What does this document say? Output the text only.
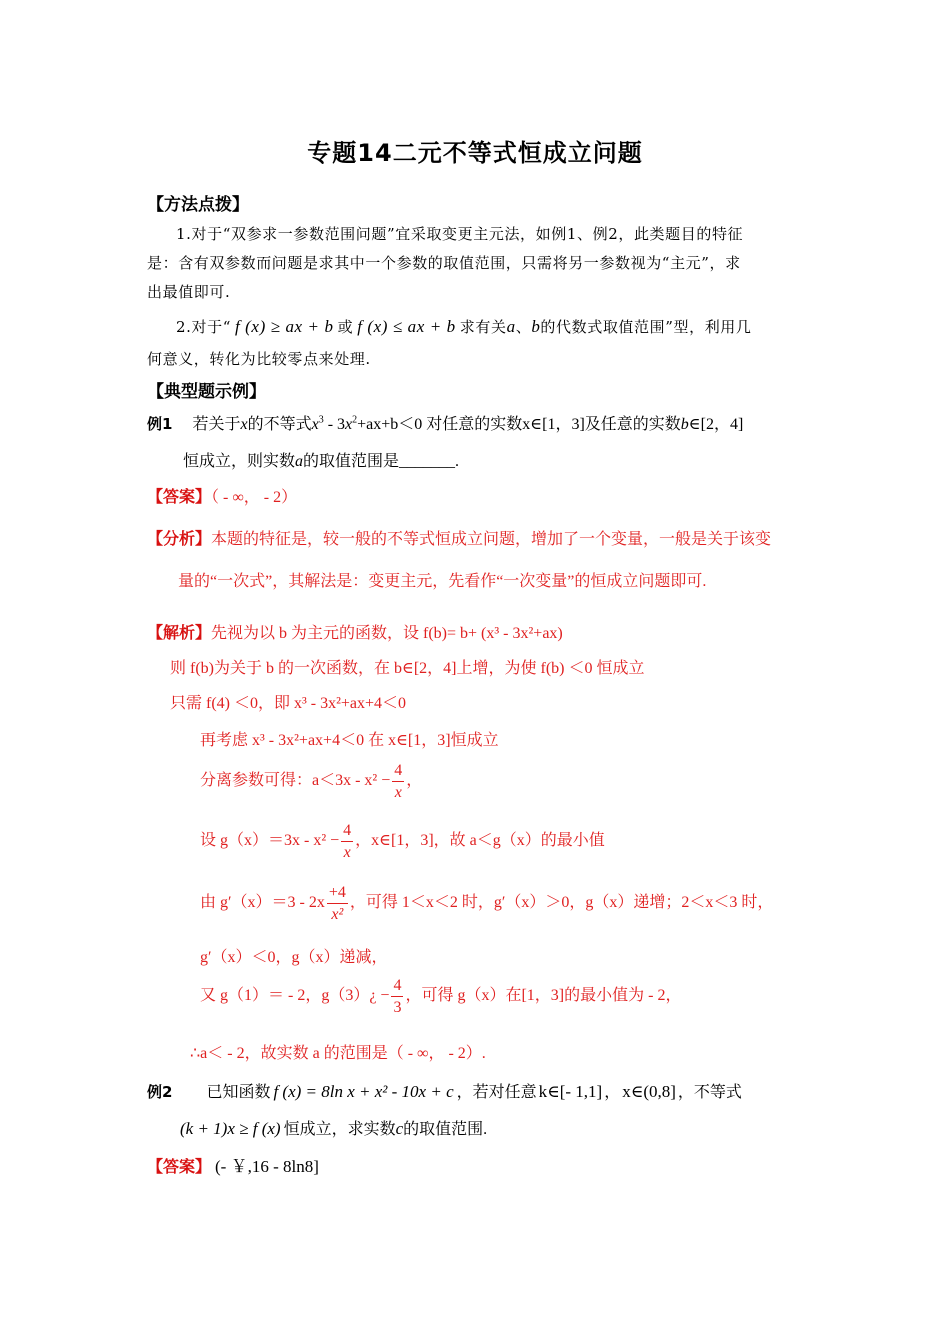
专题14二元不等式恒成立问题
【方法点拨】
1.对于“双参求一参数范围问题”宜采取变更主元法，如例1、例2，此类题目的特征
是：含有双参数而问题是求其中一个参数的取值范围，只需将另一参数视为“主元”，求
出最值即可.
2.对于“ f (x) ≥ ax + b 或 f (x) ≤ ax + b 求有关a、b的代数式取值范围”型，利用几
何意义，转化为比较零点来处理.
【典型题示例】
例1 若关于x的不等式$x^3 - 3x^2+ax+b<0$ 对任意的实数x∈[1，3]及任意的实数b∈[2，4]
恒成立，则实数a的取值范围是_______.
【答案】（ - ∞， - 2）
【分析】本题的特征是，较一般的不等式恒成立问题，增加了一个变量，一般是关于该变
量的“一次式”，其解法是：变更主元，先看作“一次变量”的恒成立问题即可.
【解析】先视为以 b 为主元的函数，设 f(b)= b+ (x³ - 3x²+ax)
则 f(b)为关于 b 的一次函数，在 b∈[2，4]上增，为使 f(b) ＜0 恒成立
只需 f(4) ＜0，即 x³ - 3x²+ax+4＜0
再考虑 x³ - 3x²+ax+4＜0 在 x∈[1，3]恒成立
分离参数可得：$a<3x - x^2 - \frac{4}{x}$ ，
设 $g(x)=3x - x^2 - \frac{4}{x}$ ，x∈[1，3]，故 a＜g（x）的最小值
由 $g'(x)=3 - 2x \frac{+4}{\text{x²}}$ ，可得 1＜x＜2 时，g′（x）＞0，g（x）递增；2＜x＜3 时，
g′（x）＜0，g（x）递减，
又 g（1）＝ - 2，g（3）¿ − $\frac{4}{3}$ ，可得 g（x）在[1，3]的最小值为 - 2，
∴a＜ - 2，故实数 a 的范围是（ - ∞， - 2）.
例2 已知函数 f (x) = 8ln x + x² - 10x + c ，若对任意 k∈[- 1,1] ， x∈(0,8] ，不等式
(k + 1)x ≥ f (x) 恒成立，求实数c的取值范围.
【答案】 (- ￥,16 - 8ln8]
